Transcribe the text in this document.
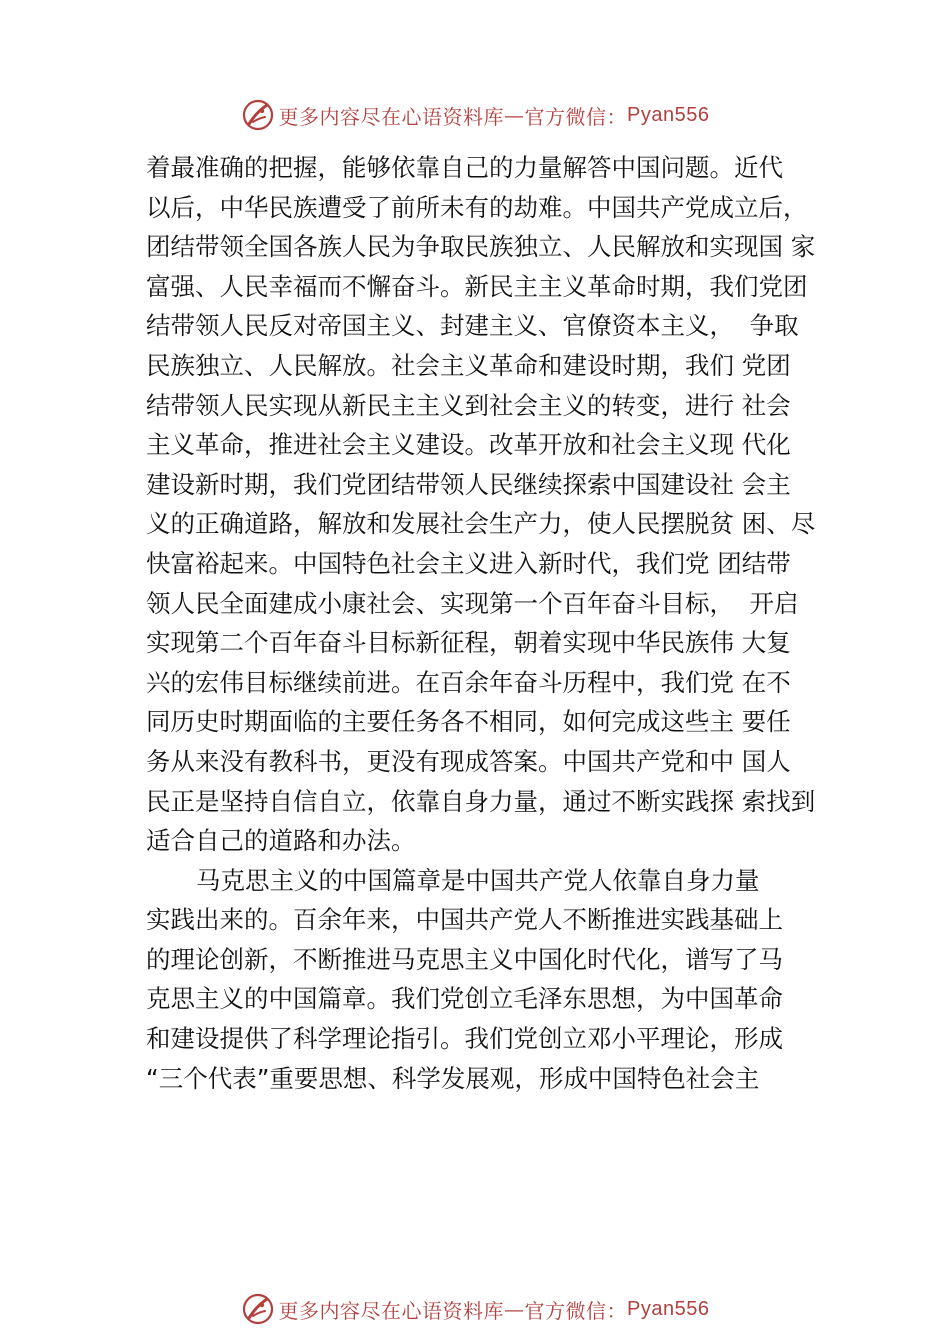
更多内容尽在心语资料库 — 官方微信： Pyan556
着最准确的把握，能够依靠自己的力量解答中国问题。近代
以后，中华民族遭受了前所未有的劫难。中国共产党成立后，
团结带领全国各族人民为争取民族独立、人民解放和实现国 家
富强、人民幸福而不懈奋斗。新民主主义革命时期，我们党团
结带领人民反对帝国主义、封建主义、官僚资本主义，  争取
民族独立、人民解放。社会主义革命和建设时期，我们 党团
结带领人民实现从新民主主义到社会主义的转变，进行 社会
主义革命，推进社会主义建设。改革开放和社会主义现 代化
建设新时期，我们党团结带领人民继续探索中国建设社 会主
义的正确道路，解放和发展社会生产力，使人民摆脱贫 困、尽
快富裕起来。中国特色社会主义进入新时代，我们党 团结带
领人民全面建成小康社会、实现第一个百年奋斗目标，  开启
实现第二个百年奋斗目标新征程，朝着实现中华民族伟 大复
兴的宏伟目标继续前进。在百余年奋斗历程中，我们党 在不
同历史时期面临的主要任务各不相同，如何完成这些主 要任
务从来没有教科书，更没有现成答案。中国共产党和中 国人
民正是坚持自信自立，依靠自身力量，通过不断实践探 索找到
适合自己的道路和办法。
马克思主义的中国篇章是中国共产党人依靠自身力量
实践出来的。百余年来，中国共产党人不断推进实践基础上
的理论创新，不断推进马克思主义中国化时代化，谱写了马
克思主义的中国篇章。我们党创立毛泽东思想，为中国革命
和建设提供了科学理论指引。我们党创立邓小平理论，形成
“三个代表”重要思想、科学发展观，形成中国特色社会主
更多内容尽在心语资料库 — 官方微信： Pyan556
